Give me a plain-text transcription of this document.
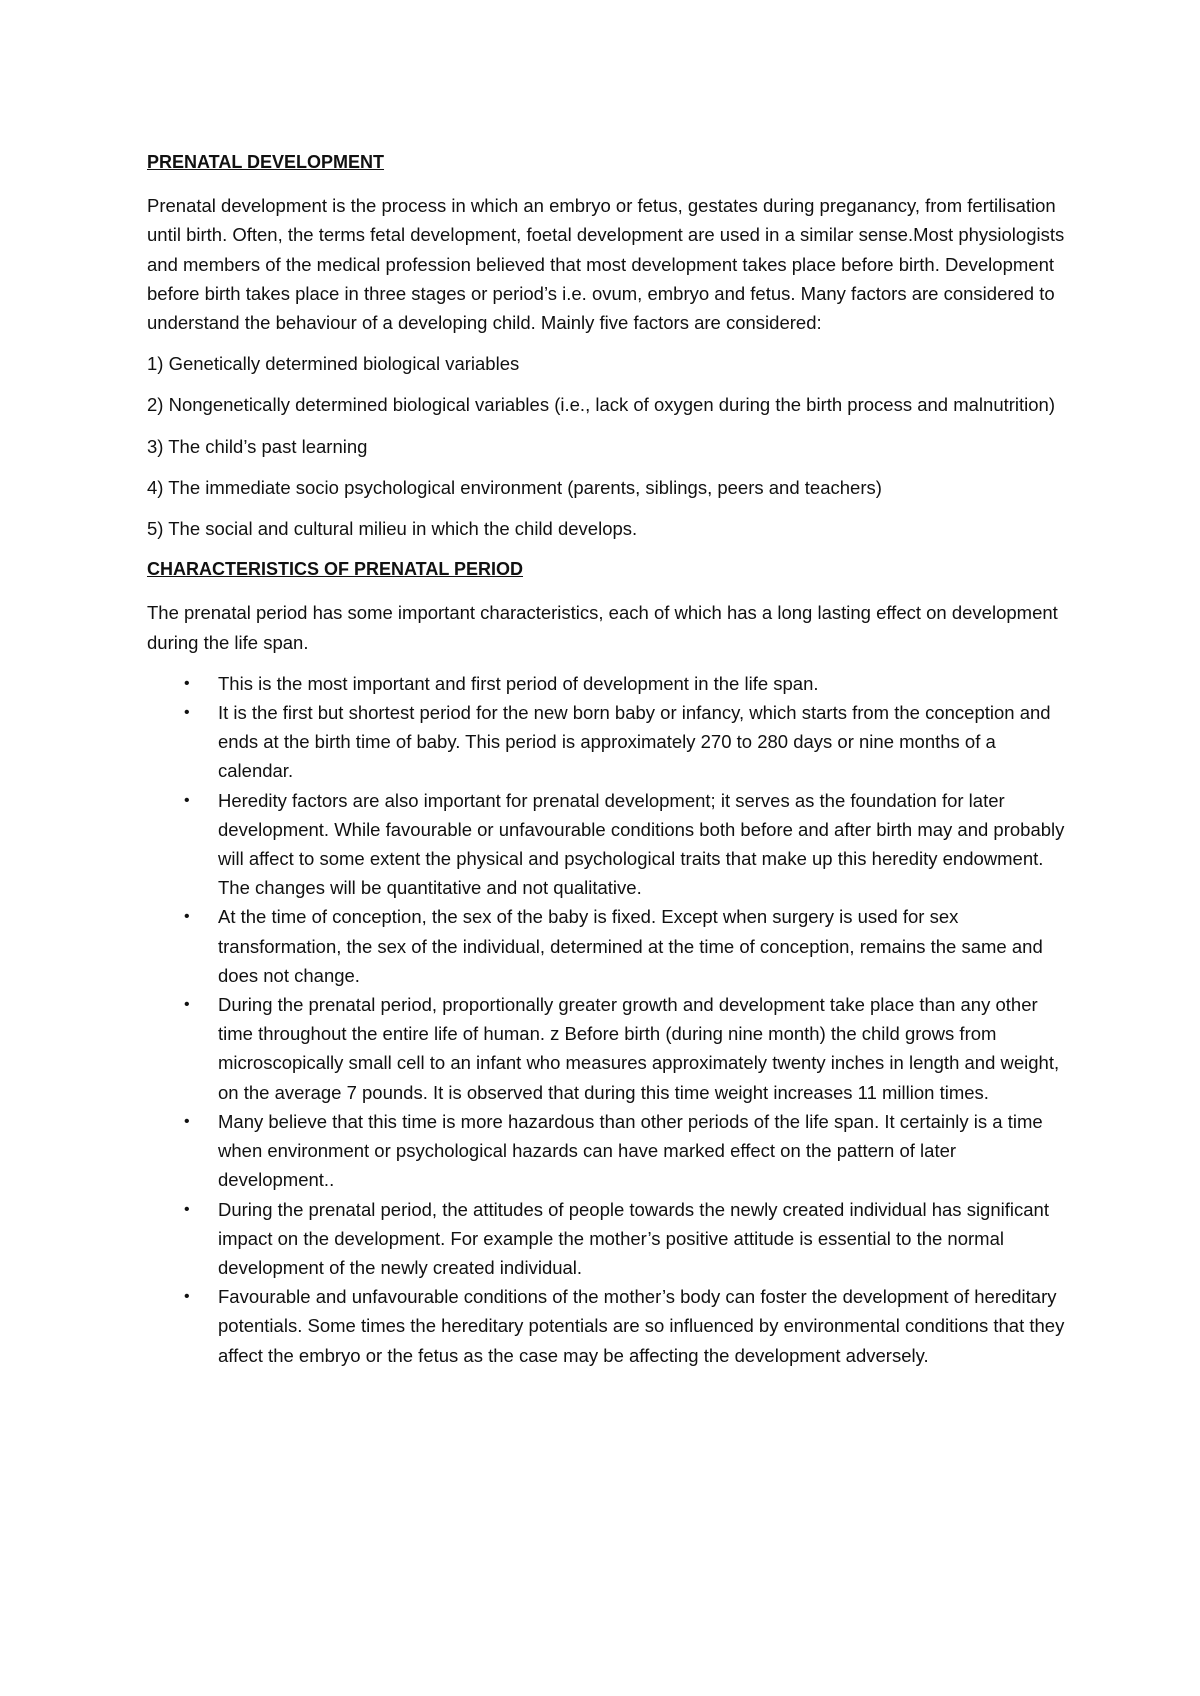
PRENATAL DEVELOPMENT

Prenatal development is the process in which an embryo or fetus, gestates during preganancy, from fertilisation until birth. Often, the terms fetal development, foetal development are used in a similar sense.Most physiologists and members of the medical profession believed that most development takes place before birth. Development before birth takes place in three stages or period’s i.e. ovum, embryo and fetus. Many factors are considered to understand the behaviour of a developing child. Mainly five factors are considered:

1) Genetically determined biological variables

2) Nongenetically determined biological variables (i.e., lack of oxygen during the birth process and malnutrition)

3) The child’s past learning

4) The immediate socio psychological environment (parents, siblings, peers and teachers)

5) The social and cultural milieu in which the child develops.

CHARACTERISTICS OF PRENATAL PERIOD

The prenatal period has some important characteristics, each of which has a long lasting effect on development during the life span.

• This is the most important and first period of development in the life span.
• It is the first but shortest period for the new born baby or infancy, which starts from the conception and ends at the birth time of baby. This period is approximately 270 to 280 days or nine months of a calendar.
• Heredity factors are also important for prenatal development; it serves as the foundation for later development. While favourable or unfavourable conditions both before and after birth may and probably will affect to some extent the physical and psychological traits that make up this heredity endowment. The changes will be quantitative and not qualitative.
• At the time of conception, the sex of the baby is fixed. Except when surgery is used for sex transformation, the sex of the individual, determined at the time of conception, remains the same and does not change.
• During the prenatal period, proportionally greater growth and development take place than any other time throughout the entire life of human. z Before birth (during nine month) the child grows from microscopically small cell to an infant who measures approximately twenty inches in length and weight, on the average 7 pounds. It is observed that during this time weight increases 11 million times.
• Many believe that this time is more hazardous than other periods of the life span. It certainly is a time when environment or psychological hazards can have marked effect on the pattern of later development..
• During the prenatal period, the attitudes of people towards the newly created individual has significant impact on the development. For example the mother’s positive attitude is essential to the normal development of the newly created individual.
• Favourable and unfavourable conditions of the mother’s body can foster the development of hereditary potentials. Some times the hereditary potentials are so influenced by environmental conditions that they affect the embryo or the fetus as the case may be affecting the development adversely.
